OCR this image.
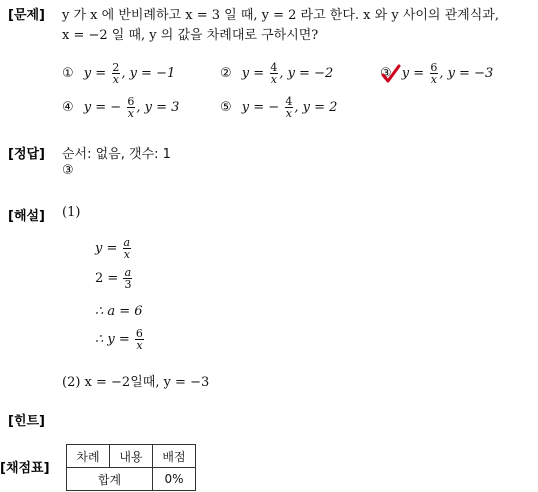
[문제]
[정답]
[해설]
[힌트]
[채점표]
y 가 x 에 반비례하고 x = 3 일 때, y = 2 라고 한다. x 와 y 사이의 관계식과,
x = −2 일 때, y 의 값을 차례대로 구하시면?
① $y = \frac{2}{x}$ , y = −1	② $y = \frac{4}{x}$ , y = −2	③ $y = \frac{6}{x}$ , y = −3
④ y = − $\frac{6}{x}$ , y = 3	⑤ y = − $\frac{4}{x}$ , y = 2
순서: 없음, 갯수: 1
③
(1)
$y = \frac{a}{x}$
$2 = \frac{a}{3}$
∴ a = 6
∴ $y = \frac{6}{x}$
(2) x = −2일때, y = −3
차례	내용	배점
합계		0%
